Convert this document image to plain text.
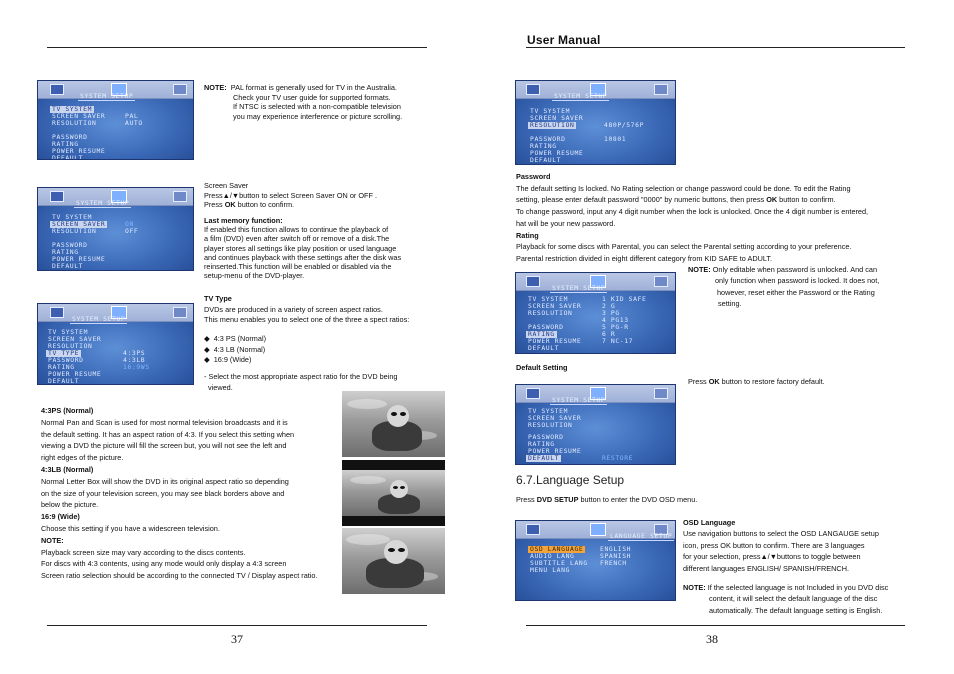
User Manual
37	38
SYSTEM SETUP
TV SYSTEM
SCREEN SAVER
RESOLUTION
PASSWORD
RATING
POWER RESUME
DEFAULT
PAL
AUTO
NOTE: PAL format is generally used for TV in the Australia.
Check your TV user guide for supported formats.
If NTSC is selected with a non-compatible television
you may experience interference or picture scrolling.
SYSTEM SETUP
TV SYSTEM
SCREEN SAVER
RESOLUTION
PASSWORD
RATING
POWER RESUME
DEFAULT
ON
OFF
Screen Saver
Press▲/▼button to select Screen Saver ON or OFF .
Press OK button to confirm.
Last memory function:
If enabled this function allows to continue the playback of
a film (DVD) even after switch off or remove of a disk.The
player stores all settings like play position or used language
and continues playback with these settings after the disk was
reinserted.This function will be enabled or disabled via the
setup-menu of the DVD-player.
SYSTEM SETUP
TV SYSTEM
SCREEN SAVER
RESOLUTION
TV TYPE
PASSWORD
RATING
POWER RESUME
DEFAULT
4:3PS
4:3LB
16:9WS
TV Type
DVDs are produced in a variety of screen aspect ratios.
This menu enables you to select one of the three a spect ratios:
◆ 4:3 PS (Normal)
◆ 4:3 LB (Normal)
◆ 16:9 (Wide)
- Select the most appropriate aspect ratio for the DVD being
viewed.
4:3PS (Normal)
Normal Pan and Scan is used for most normal television broadcasts and it is
the default setting. It has an aspect ration of 4:3. If you select this setting when
viewing a DVD the picture will fill the screen but, you will not see the left and
right edges of the picture.
4:3LB (Normal)
Normal Letter Box will show the DVD in its original aspect ratio so depending
on the size of your television screen, you may see black borders above and
below the picture.
16:9 (Wide)
Choose this setting if you have a widescreen television.
NOTE:
Playback screen size may vary according to the discs contents.
For discs with 4:3 contents, using any mode would only display a 4:3 screen
Screen ratio selection should be according to the connected TV / Display aspect ratio.
SYSTEM SETUP
TV SYSTEM
SCREEN SAVER
RESOLUTION
PASSWORD
RATING
POWER RESUME
DEFAULT
480P/576P
10801
Password
The default setting Is locked. No Rating selection or change password could be done. To edit the Rating
setting, please enter default password "0000" by numeric buttons, then press OK button to confirm.
To change password, input any 4 digit number when the lock is unlocked. Once the 4 digit number is entered,
hat will be your new password.
Rating
Playback for some discs with Parental, you can select the Parental setting according to your preference.
Parental restriction divided in eight different category from KID SAFE to ADULT.
SYSTEM SETUP
TV SYSTEM
SCREEN SAVER
RESOLUTION
PASSWORD
RATING
POWER RESUME
DEFAULT
1 KID SAFE
2 G
3 PG
4 PG13
5 PG-R
6 R
7 NC-17
NOTE: Only editable when password is unlocked. And can
only function when password is locked. It does not,
however, reset either the Password or the Rating
setting.
Default Setting
SYSTEM SETUP
TV SYSTEM
SCREEN SAVER
RESOLUTION
PASSWORD
RATING
POWER RESUME
DEFAULT	RESTORE
Press OK button to restore factory default.
6.7.Language Setup
Press DVD SETUP button to enter the DVD OSD menu.
LANGUAGE SETUP
OSD LANGUAGE
AUDIO LANG
SUBTITLE LANG
MENU LANG
ENGLISH
SPANISH
FRENCH
OSD Language
Use navigation buttons to select the OSD LANGAUGE setup
icon, press OK button to confirm. There are 3 languages
for your selection, press▲/▼buttons to toggle between
different languages ENGLISH/ SPANISH/FRENCH.
NOTE: If the selected language is not Included in you DVD disc
content, it will select the default language of the disc
automatically. The default language setting is English.
